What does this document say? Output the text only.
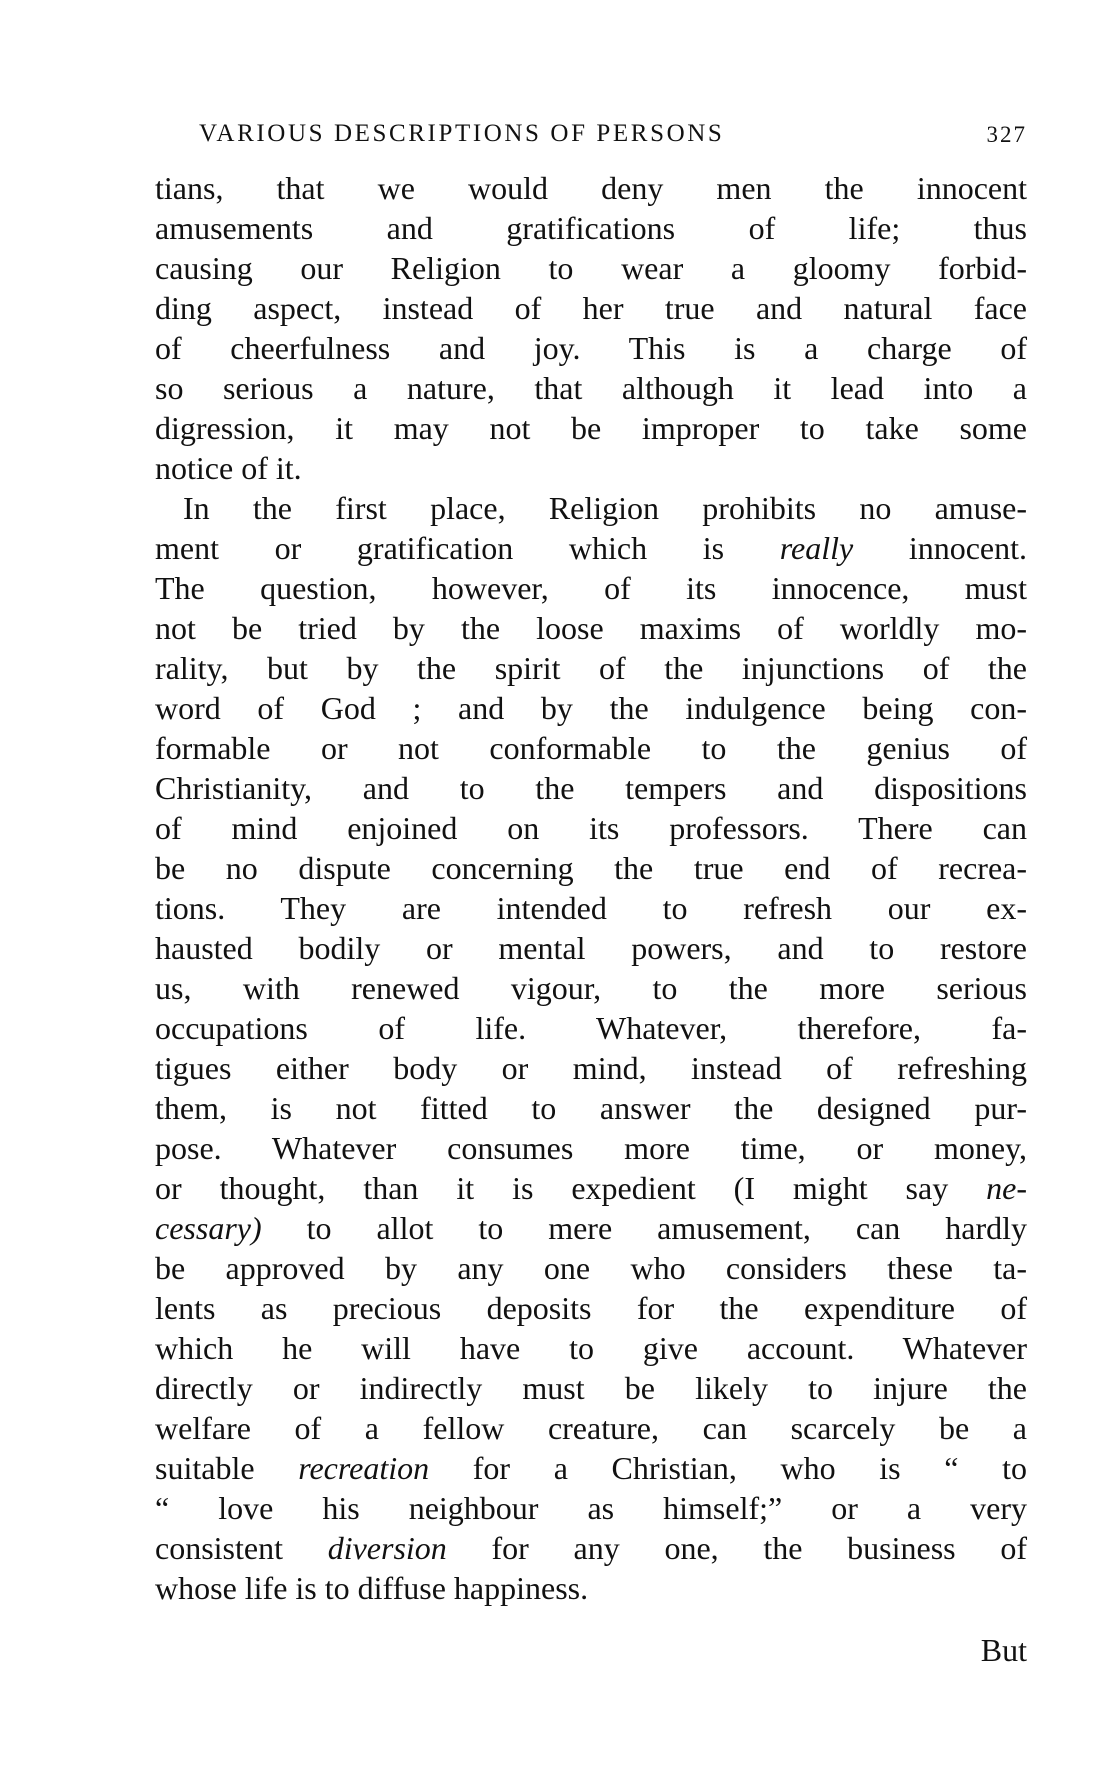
VARIOUS DESCRIPTIONS OF PERSONS	327
tians, that we would deny men the innocent
amusements and gratifications of life; thus
causing our Religion to wear a gloomy forbid-
ding aspect, instead of her true and natural face
of cheerfulness and joy. This is a charge of
so serious a nature, that although it lead into a
digression, it may not be improper to take some
notice of it.
In the first place, Religion prohibits no amuse-
ment or gratification which is really innocent.
The question, however, of its innocence, must
not be tried by the loose maxims of worldly mo-
rality, but by the spirit of the injunctions of the
word of God ; and by the indulgence being con-
formable or not conformable to the genius of
Christianity, and to the tempers and dispositions
of mind enjoined on its professors. There can
be no dispute concerning the true end of recrea-
tions. They are intended to refresh our ex-
hausted bodily or mental powers, and to restore
us, with renewed vigour, to the more serious
occupations of life. Whatever, therefore, fa-
tigues either body or mind, instead of refreshing
them, is not fitted to answer the designed pur-
pose. Whatever consumes more time, or money,
or thought, than it is expedient (I might say ne-
cessary) to allot to mere amusement, can hardly
be approved by any one who considers these ta-
lents as precious deposits for the expenditure of
which he will have to give account. Whatever
directly or indirectly must be likely to injure the
welfare of a fellow creature, can scarcely be a
suitable recreation for a Christian, who is “ to
“ love his neighbour as himself;” or a very
consistent diversion for any one, the business of
whose life is to diffuse happiness.
But
